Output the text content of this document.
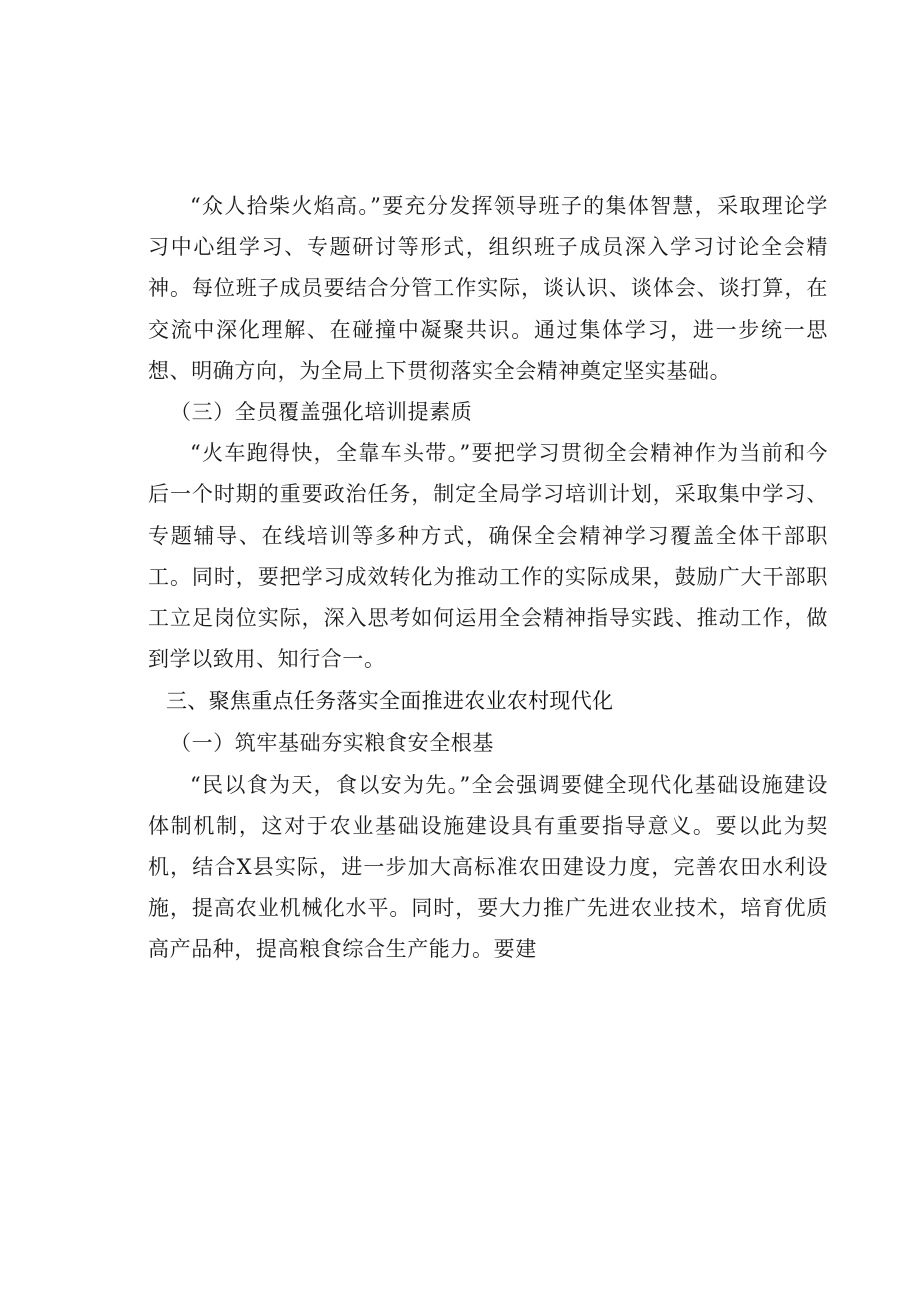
“众人拾柴火焰高。”要充分发挥领导班子的集体智慧，采取理论学习中心组学习、专题研讨等形式，组织班子成员深入学习讨论全会精神。每位班子成员要结合分管工作实际，谈认识、谈体会、谈打算，在交流中深化理解、在碰撞中凝聚共识。通过集体学习，进一步统一思想、明确方向，为全局上下贯彻落实全会精神奠定坚实基础。

（三）全员覆盖强化培训提素质

“火车跑得快，全靠车头带。”要把学习贯彻全会精神作为当前和今后一个时期的重要政治任务，制定全局学习培训计划，采取集中学习、专题辅导、在线培训等多种方式，确保全会精神学习覆盖全体干部职工。同时，要把学习成效转化为推动工作的实际成果，鼓励广大干部职工立足岗位实际，深入思考如何运用全会精神指导实践、推动工作，做到学以致用、知行合一。

三、聚焦重点任务落实全面推进农业农村现代化

（一）筑牢基础夯实粮食安全根基

“民以食为天，食以安为先。”全会强调要健全现代化基础设施建设体制机制，这对于农业基础设施建设具有重要指导意义。要以此为契机，结合X县实际，进一步加大高标准农田建设力度，完善农田水利设施，提高农业机械化水平。同时，要大力推广先进农业技术，培育优质高产品种，提高粮食综合生产能力。要建
